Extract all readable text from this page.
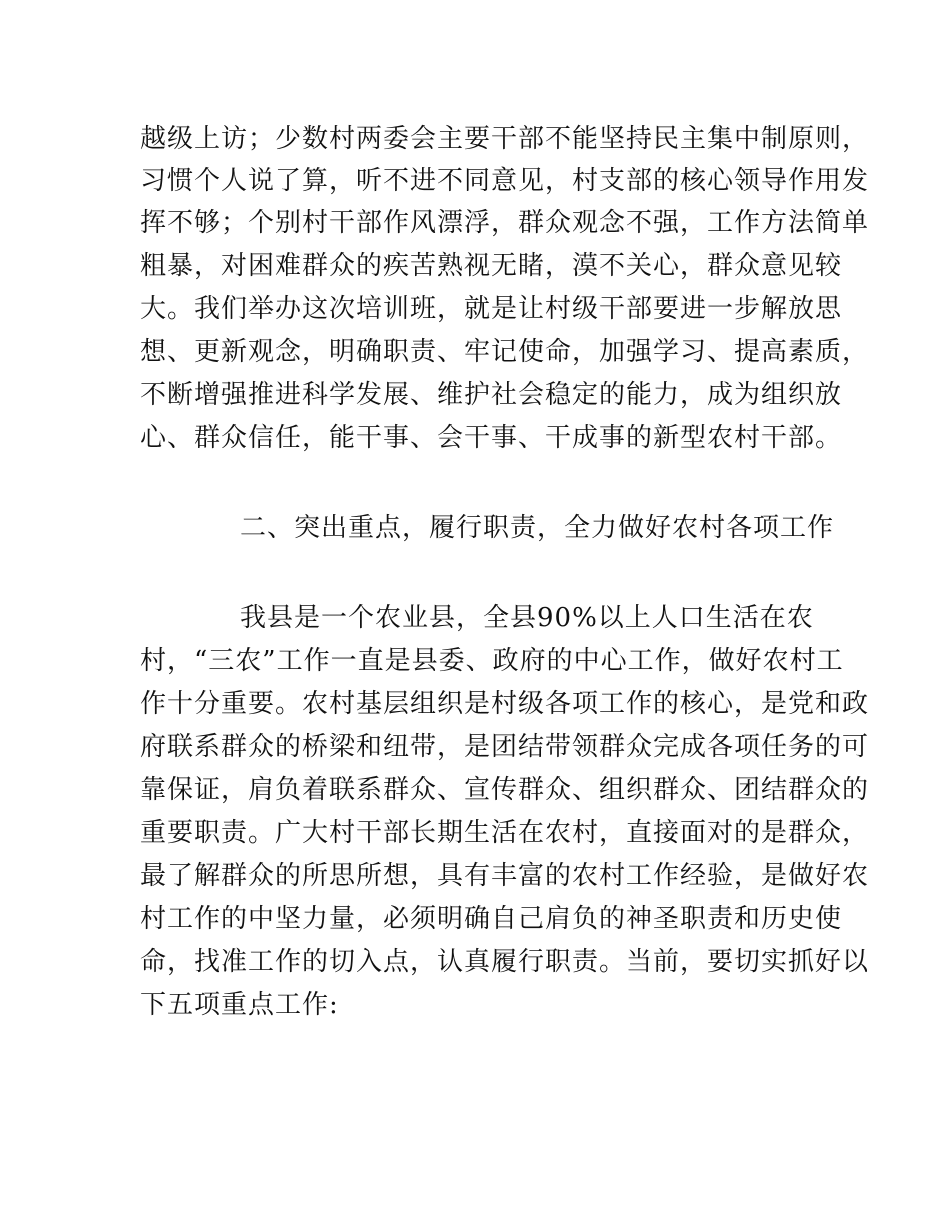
越级上访；少数村两委会主要干部不能坚持民主集中制原则，
习惯个人说了算，听不进不同意见，村支部的核心领导作用发
挥不够；个别村干部作风漂浮，群众观念不强，工作方法简单
粗暴，对困难群众的疾苦熟视无睹，漠不关心，群众意见较
大。我们举办这次培训班，就是让村级干部要进一步解放思
想、更新观念，明确职责、牢记使命，加强学习、提高素质，
不断增强推进科学发展、维护社会稳定的能力，成为组织放
心、群众信任，能干事、会干事、干成事的新型农村干部。
二、突出重点，履行职责，全力做好农村各项工作
我县是一个农业县，全县90%以上人口生活在农
村，“三农”工作一直是县委、政府的中心工作，做好农村工
作十分重要。农村基层组织是村级各项工作的核心，是党和政
府联系群众的桥梁和纽带，是团结带领群众完成各项任务的可
靠保证，肩负着联系群众、宣传群众、组织群众、团结群众的
重要职责。广大村干部长期生活在农村，直接面对的是群众，
最了解群众的所思所想，具有丰富的农村工作经验，是做好农
村工作的中坚力量，必须明确自己肩负的神圣职责和历史使
命，找准工作的切入点，认真履行职责。当前，要切实抓好以
下五项重点工作:
